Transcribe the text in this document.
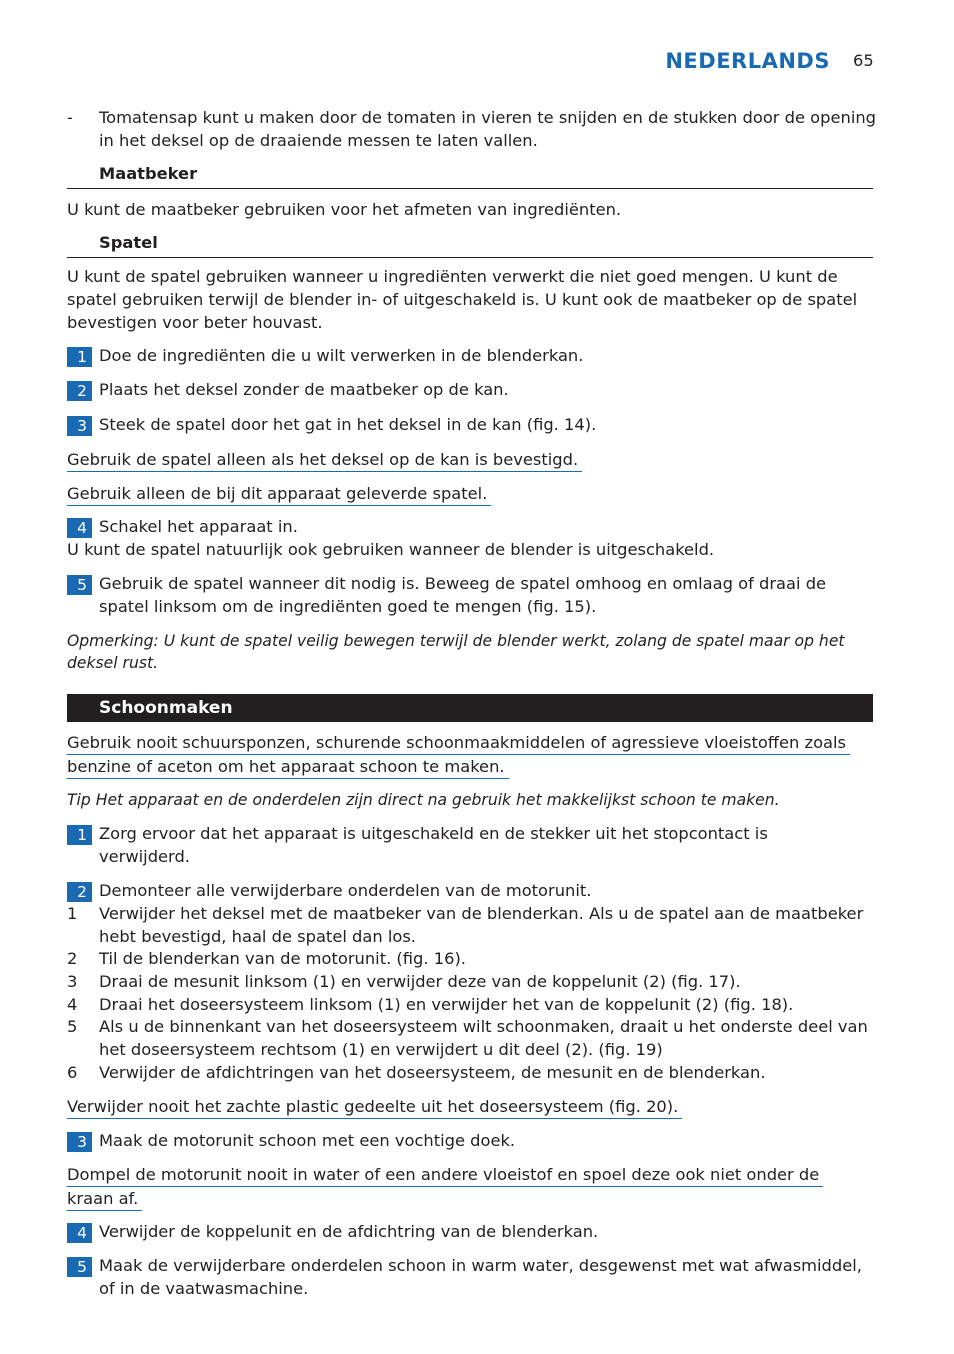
NEDERLANDS 65
- Tomatensap kunt u maken door de tomaten in vieren te snijden en de stukken door de opening
in het deksel op de draaiende messen te laten vallen.
Maatbeker
U kunt de maatbeker gebruiken voor het afmeten van ingrediënten.
Spatel
U kunt de spatel gebruiken wanneer u ingrediënten verwerkt die niet goed mengen. U kunt de
spatel gebruiken terwijl de blender in- of uitgeschakeld is. U kunt ook de maatbeker op de spatel
bevestigen voor beter houvast.
1 Doe de ingrediënten die u wilt verwerken in de blenderkan.
2 Plaats het deksel zonder de maatbeker op de kan.
3 Steek de spatel door het gat in het deksel in de kan (fig. 14).
Gebruik de spatel alleen als het deksel op de kan is bevestigd.
Gebruik alleen de bij dit apparaat geleverde spatel.
4 Schakel het apparaat in.
U kunt de spatel natuurlijk ook gebruiken wanneer de blender is uitgeschakeld.
5 Gebruik de spatel wanneer dit nodig is. Beweeg de spatel omhoog en omlaag of draai de
spatel linksom om de ingrediënten goed te mengen (fig. 15).
Opmerking: U kunt de spatel veilig bewegen terwijl de blender werkt, zolang de spatel maar op het
deksel rust.
Schoonmaken
Gebruik nooit schuursponzen, schurende schoonmaakmiddelen of agressieve vloeistoffen zoals
benzine of aceton om het apparaat schoon te maken.
Tip Het apparaat en de onderdelen zijn direct na gebruik het makkelijkst schoon te maken.
1 Zorg ervoor dat het apparaat is uitgeschakeld en de stekker uit het stopcontact is
verwijderd.
2 Demonteer alle verwijderbare onderdelen van de motorunit.
1 Verwijder het deksel met de maatbeker van de blenderkan. Als u de spatel aan de maatbeker
hebt bevestigd, haal de spatel dan los.
2 Til de blenderkan van de motorunit. (fig. 16).
3 Draai de mesunit linksom (1) en verwijder deze van de koppelunit (2) (fig. 17).
4 Draai het doseersysteem linksom (1) en verwijder het van de koppelunit (2) (fig. 18).
5 Als u de binnenkant van het doseersysteem wilt schoonmaken, draait u het onderste deel van
het doseersysteem rechtsom (1) en verwijdert u dit deel (2). (fig. 19)
6 Verwijder de afdichtringen van het doseersysteem, de mesunit en de blenderkan.
Verwijder nooit het zachte plastic gedeelte uit het doseersysteem (fig. 20).
3 Maak de motorunit schoon met een vochtige doek.
Dompel de motorunit nooit in water of een andere vloeistof en spoel deze ook niet onder de
kraan af.
4 Verwijder de koppelunit en de afdichtring van de blenderkan.
5 Maak de verwijderbare onderdelen schoon in warm water, desgewenst met wat afwasmiddel,
of in de vaatwasmachine.
